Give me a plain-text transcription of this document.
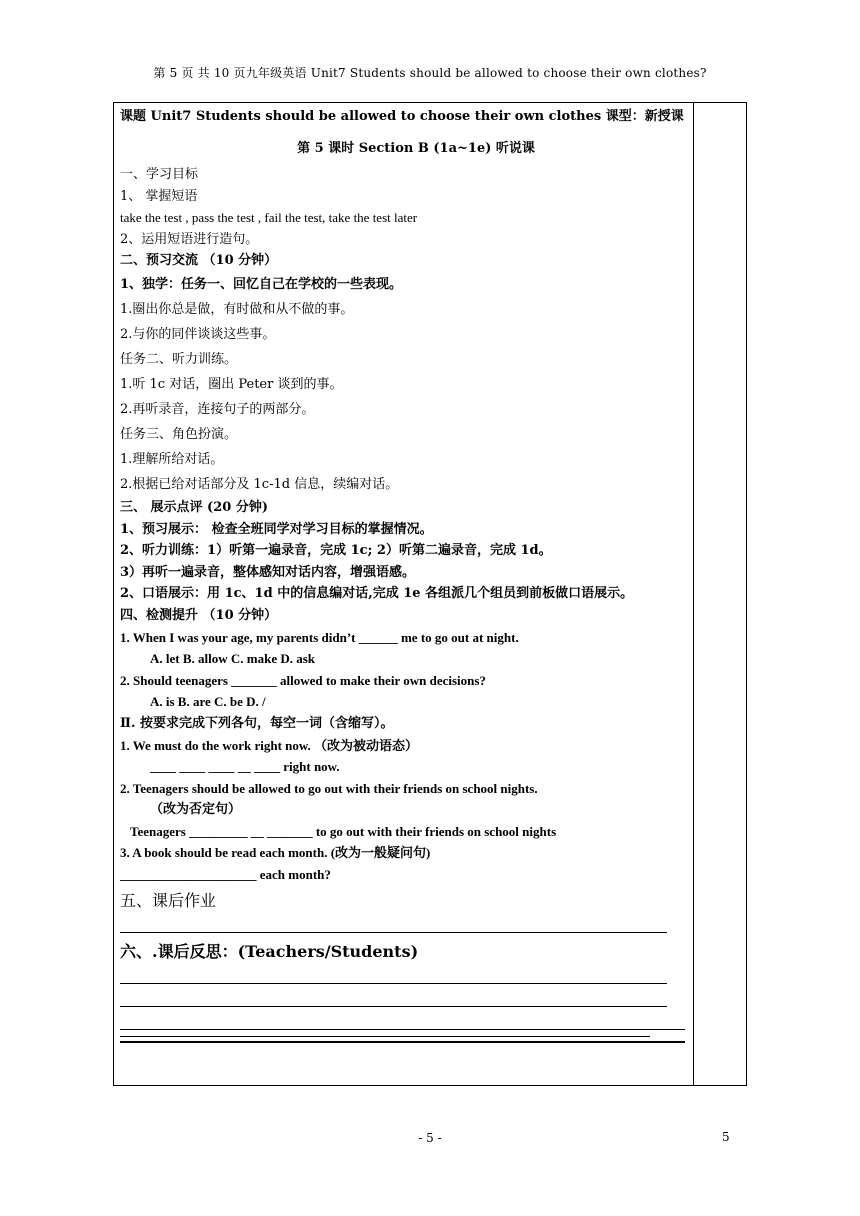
第 5 页 共 10 页九年级英语 Unit7 Students should be allowed to choose their own clothes?
课题 Unit7 Students should be allowed to choose their own clothes 课型：新授课
第 5 课时 Section B (1a~1e) 听说课
一、学习目标
1、 掌握短语
take the test , pass the test , fail the test, take the test later
2、运用短语进行造句。
二、预习交流 （10 分钟）
1、独学：任务一、回忆自己在学校的一些表现。
1.圈出你总是做，有时做和从不做的事。
2.与你的同伴谈谈这些事。
任务二、听力训练。
1.听 1c 对话，圈出 Peter 谈到的事。
2.再听录音，连接句子的两部分。
任务三、角色扮演。
1.理解所给对话。
2.根据已给对话部分及 1c-1d 信息，续编对话。
三、 展示点评 (20 分钟)
1、预习展示： 检查全班同学对学习目标的掌握情况。
2、听力训练：1）听第一遍录音，完成 1c; 2）听第二遍录音，完成 1d。
3）再听一遍录音，整体感知对话内容，增强语感。
2、口语展示：用 1c、1d 中的信息编对话,完成 1e 各组派几个组员到前板做口语展示。
四、检测提升 （10 分钟）
1. When I was your age, my parents didn’t ______ me to go out at night.
A. let B. allow C. make D. ask
2. Should teenagers _______ allowed to make their own decisions?
A. is B. are C. be D. /
Ⅱ. 按要求完成下列各句，每空一词（含缩写）。
1. We must do the work right now. （改为被动语态）
____ ____ ____ __ ____ right now.
2. Teenagers should be allowed to go out with their friends on school nights.
（改为否定句）
Teenagers _________ __ _______ to go out with their friends on school nights
3. A book should be read each month. (改为一般疑问句)
_____________________ each month?
五、课后作业
六、.课后反思：(Teachers/Students)
- 5 -	5
